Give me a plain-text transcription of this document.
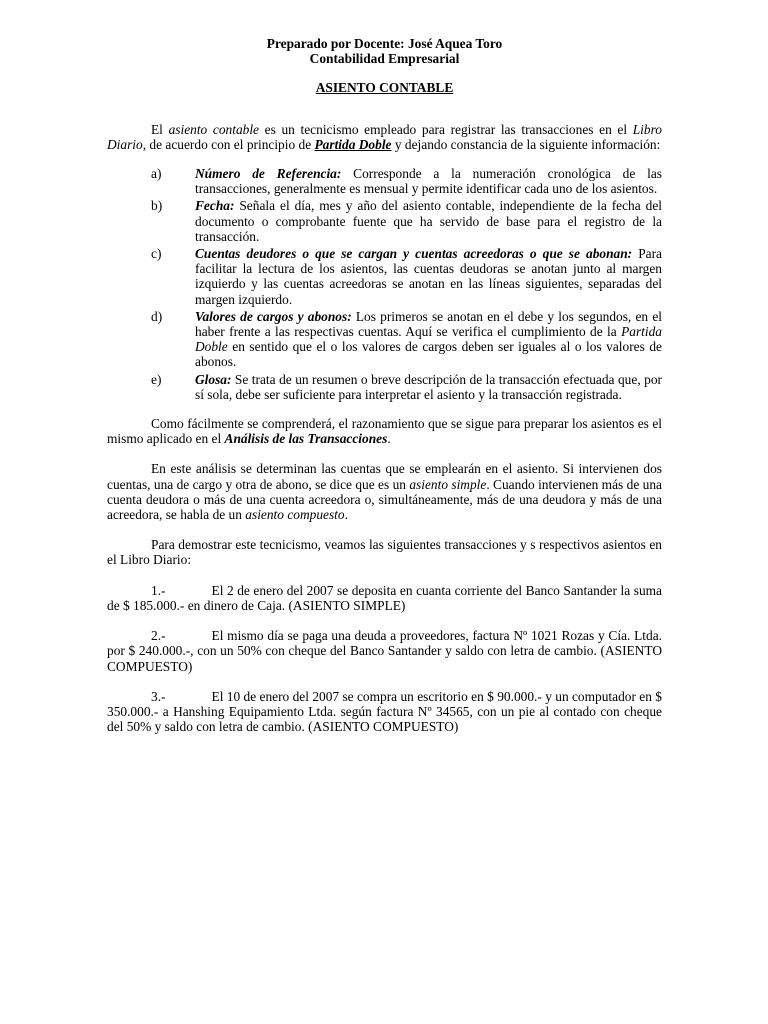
Preparado por Docente: José Aquea Toro

Contabilidad Empresarial

ASIENTO CONTABLE

El asiento contable es un tecnicismo empleado para registrar las transacciones en el Libro Diario, de acuerdo con el principio de Partida Doble y dejando constancia de la siguiente información:

a)	Número de Referencia: Corresponde a la numeración cronológica de las transacciones, generalmente es mensual y permite identificar cada uno de los asientos.
b)	Fecha: Señala el día, mes y año del asiento contable, independiente de la fecha del documento o comprobante fuente que ha servido de base para el registro de la transacción.
c)	Cuentas deudores o que se cargan y cuentas acreedoras o que se abonan: Para facilitar la lectura de los asientos, las cuentas deudoras se anotan junto al margen izquierdo y las cuentas acreedoras se anotan en las líneas siguientes, separadas del margen izquierdo.
d)	Valores de cargos y abonos: Los primeros se anotan en el debe y los segundos, en el haber frente a las respectivas cuentas. Aquí se verifica el cumplimiento de la Partida Doble en sentido que el o los valores de cargos deben ser iguales al o los valores de abonos.
e)	Glosa: Se trata de un resumen o breve descripción de la transacción efectuada que, por sí sola, debe ser suficiente para interpretar el asiento y la transacción registrada.

Como fácilmente se comprenderá, el razonamiento que se sigue para preparar los asientos es el mismo aplicado en el Análisis de las Transacciones.

En este análisis se determinan las cuentas que se emplearán en el asiento. Si intervienen dos cuentas, una de cargo y otra de abono, se dice que es un asiento simple. Cuando intervienen más de una cuenta deudora o más de una cuenta acreedora o, simultáneamente, más de una deudora y más de una acreedora, se habla de un asiento compuesto.

Para demostrar este tecnicismo, veamos las siguientes transacciones y s respectivos asientos en el Libro Diario:

1.-	El 2 de enero del 2007 se deposita en cuanta corriente del Banco Santander la suma de $ 185.000.- en dinero de Caja. (ASIENTO SIMPLE)

2.-	El mismo día se paga una deuda a proveedores, factura Nº 1021 Rozas y Cía. Ltda. por $ 240.000.-, con un 50% con cheque del Banco Santander y saldo con letra de cambio. (ASIENTO COMPUESTO)

3.-	El 10 de enero del 2007 se compra un escritorio en $ 90.000.- y un computador en $ 350.000.- a Hanshing Equipamiento Ltda. según factura Nº 34565, con un pie al contado con cheque del 50% y saldo con letra de cambio. (ASIENTO COMPUESTO)
